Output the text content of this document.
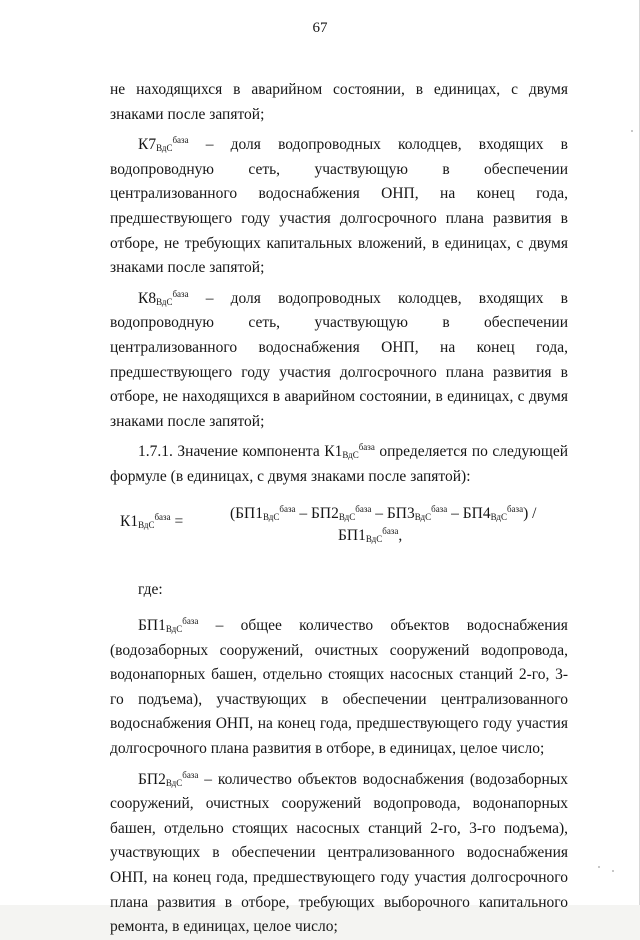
67

не находящихся в аварийном состоянии, в единицах, с двумя знаками после запятой;

$К7_{ВдС}^{база}$ – доля водопроводных колодцев, входящих в водопроводную сеть, участвующую в обеспечении централизованного водоснабжения ОНП, на конец года, предшествующего году участия долгосрочного плана развития в отборе, не требующих капитальных вложений, в единицах, с двумя знаками после запятой;

$К8_{ВдС}^{база}$ – доля водопроводных колодцев, входящих в водопроводную сеть, участвующую в обеспечении централизованного водоснабжения ОНП, на конец года, предшествующего году участия долгосрочного плана развития в отборе, не находящихся в аварийном состоянии, в единицах, с двумя знаками после запятой;

1.7.1. Значение компонента $К1_{ВдС}^{база}$ определяется по следующей формуле (в единицах, с двумя знаками после запятой):

$К1_{ВдС}^{база}$ =	$(БП1_{ВдС}^{база} - БП2_{ВдС}^{база} - БП3_{ВдС}^{база} - БП4_{ВдС}^{база})$ /
$БП1_{ВдС}^{база}$,

где:

$БП1_{ВдС}^{база}$ – общее количество объектов водоснабжения

(водозаборных сооружений, очистных сооружений водопровода, водонапорных башен, отдельно стоящих насосных станций 2-го, 3-го подъема), участвующих в обеспечении централизованного водоснабжения ОНП, на конец года, предшествующего году участия долгосрочного плана развития в отборе, в единицах, целое число;

$БП2_{ВдС}^{база}$ – количество объектов водоснабжения (водозаборных сооружений, очистных сооружений водопровода, водонапорных башен, отдельно стоящих насосных станций 2-го, 3-го подъема), участвующих в обеспечении централизованного водоснабжения ОНП, на конец года, предшествующего году участия долгосрочного плана развития в отборе, требующих выборочного капитального ремонта, в единицах, целое число;
